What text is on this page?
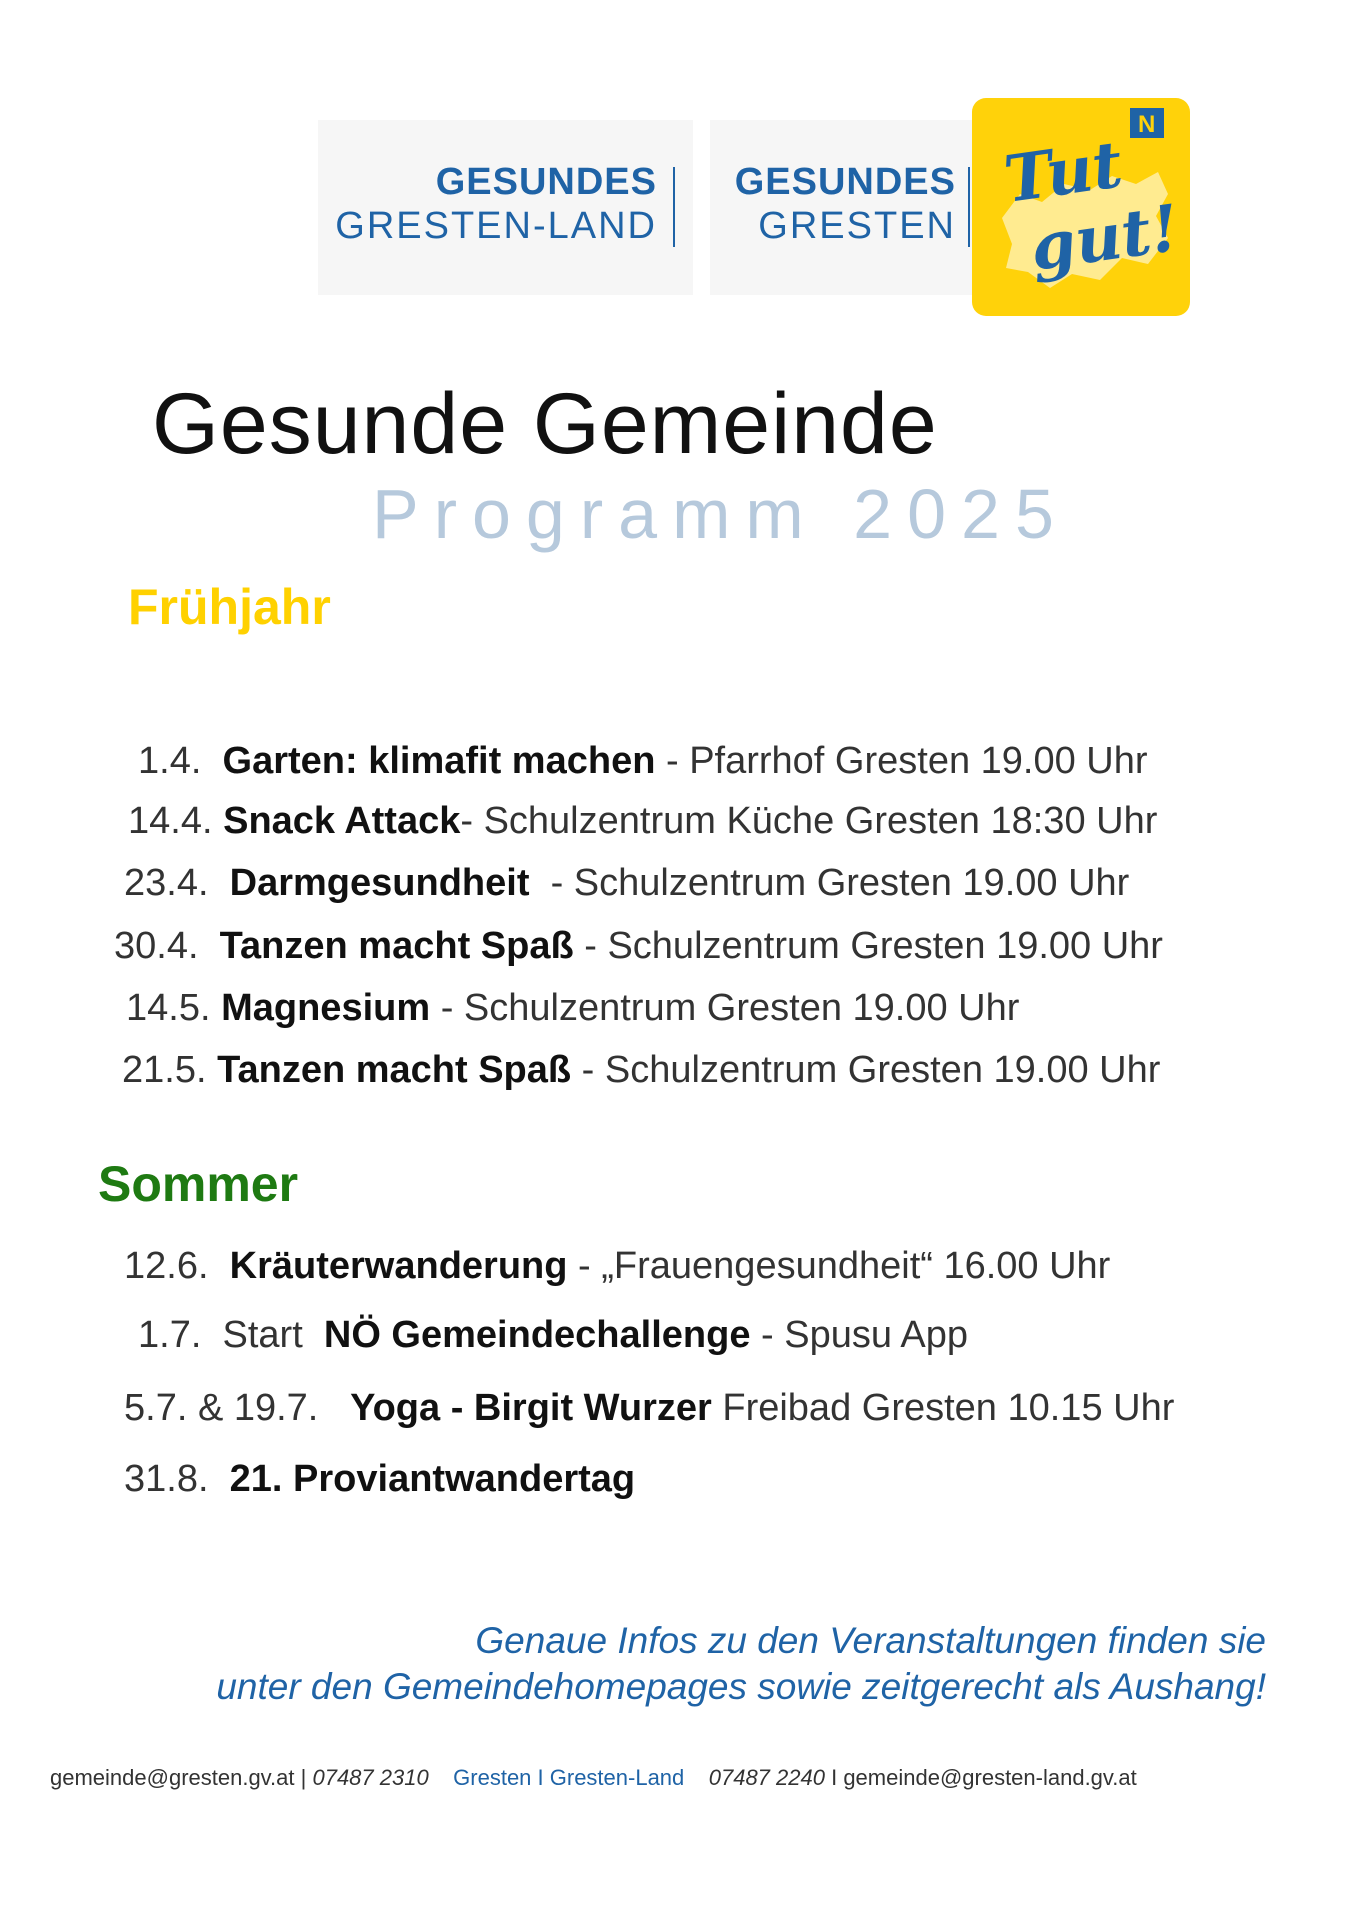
GESUNDES
GRESTEN-LAND
GESUNDES
GRESTEN
N
Tut
gut!
Gesunde Gemeinde
Programm 2025
Frühjahr
1.4. Garten: klimafit machen - Pfarrhof Gresten 19.00 Uhr
14.4. Snack Attack- Schulzentrum Küche Gresten 18:30 Uhr
23.4. Darmgesundheit  - Schulzentrum Gresten 19.00 Uhr
30.4. Tanzen macht Spaß - Schulzentrum Gresten 19.00 Uhr
14.5. Magnesium - Schulzentrum Gresten 19.00 Uhr
21.5. Tanzen macht Spaß - Schulzentrum Gresten 19.00 Uhr
Sommer
12.6. Kräuterwanderung - „Frauengesundheit“ 16.00 Uhr
1.7.  Start NÖ Gemeindechallenge - Spusu App
5.7. & 19.7. Yoga - Birgit Wurzer Freibad Gresten 10.15 Uhr
31.8. 21. Proviantwandertag
Genaue Infos zu den Veranstaltungen finden sie
unter den Gemeindehomepages sowie zeitgerecht als Aushang!
gemeinde@gresten.gv.at | 07487 2310 Gresten I Gresten-Land 07487 2240 I gemeinde@gresten-land.gv.at
